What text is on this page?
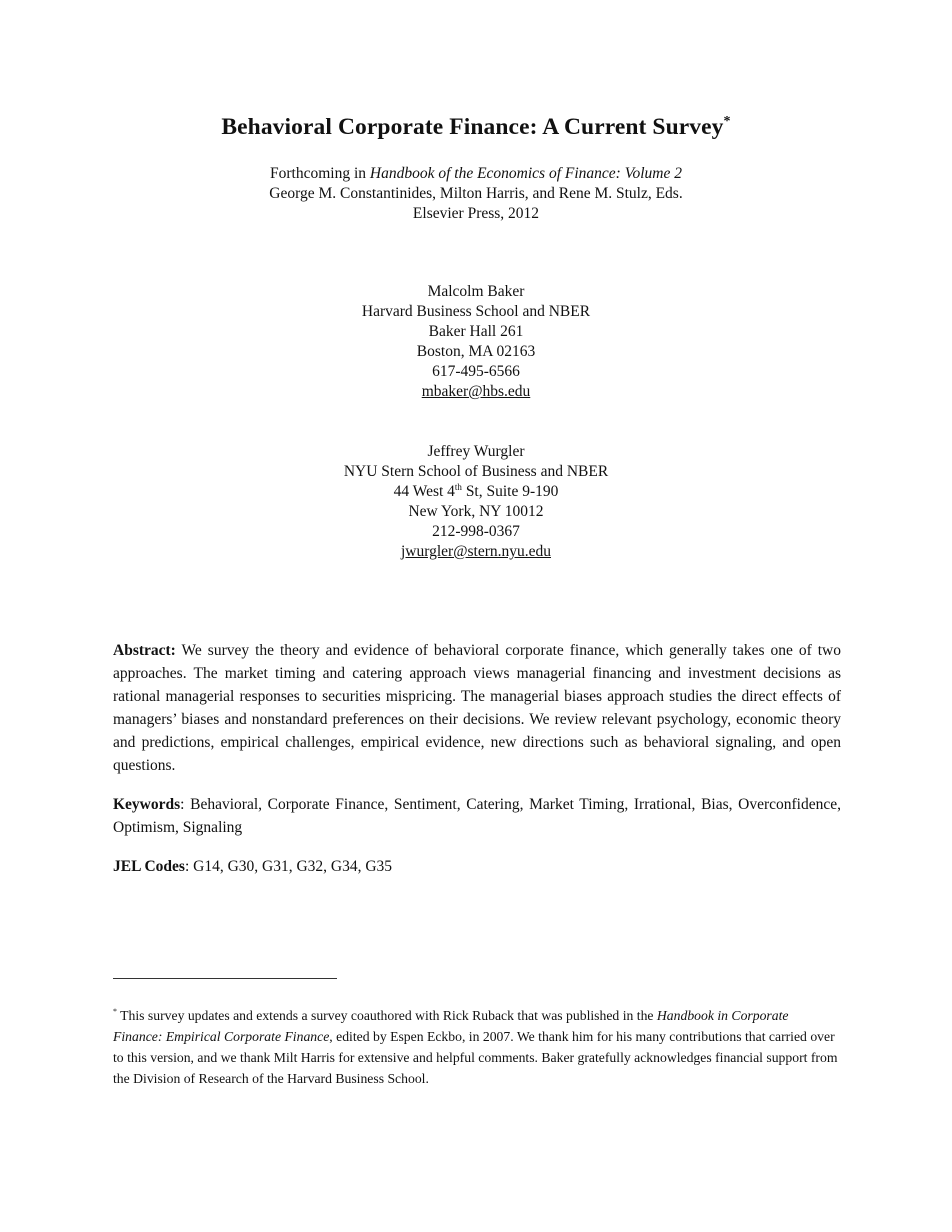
Behavioral Corporate Finance: A Current Survey*
Forthcoming in Handbook of the Economics of Finance: Volume 2
George M. Constantinides, Milton Harris, and Rene M. Stulz, Eds.
Elsevier Press, 2012
Malcolm Baker
Harvard Business School and NBER
Baker Hall 261
Boston, MA 02163
617-495-6566
mbaker@hbs.edu
Jeffrey Wurgler
NYU Stern School of Business and NBER
44 West 4th St, Suite 9-190
New York, NY 10012
212-998-0367
jwurgler@stern.nyu.edu
Abstract: We survey the theory and evidence of behavioral corporate finance, which generally takes one of two approaches. The market timing and catering approach views managerial financing and investment decisions as rational managerial responses to securities mispricing. The managerial biases approach studies the direct effects of managers’ biases and nonstandard preferences on their decisions. We review relevant psychology, economic theory and predictions, empirical challenges, empirical evidence, new directions such as behavioral signaling, and open questions.
Keywords: Behavioral, Corporate Finance, Sentiment, Catering, Market Timing, Irrational, Bias, Overconfidence, Optimism, Signaling
JEL Codes: G14, G30, G31, G32, G34, G35
* This survey updates and extends a survey coauthored with Rick Ruback that was published in the Handbook in Corporate Finance: Empirical Corporate Finance, edited by Espen Eckbo, in 2007. We thank him for his many contributions that carried over to this version, and we thank Milt Harris for extensive and helpful comments. Baker gratefully acknowledges financial support from the Division of Research of the Harvard Business School.
